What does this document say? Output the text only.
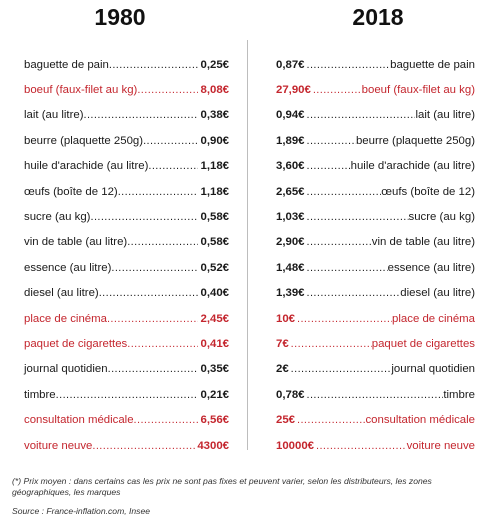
1980	2018
baguette de pain .....	0,25€
boeuf (faux-filet au kg) .....	8,08€
lait (au litre) .....	0,38€
beurre (plaquette 250g) .....	0,90€
huile d'arachide (au litre) .....	1,18€
œufs (boîte de 12) .....	1,18€
sucre (au kg) .....	0,58€
vin de table (au litre) .....	0,58€
essence (au litre) .....	0,52€
diesel (au litre) .....	0,40€
place de cinéma .....	2,45€
paquet de cigarettes .....	0,41€
journal quotidien .....	0,35€
timbre .....	0,21€
consultation médicale .....	6,56€
voiture neuve .....	4300€
0,87€ .....	baguette de pain
27,90€ .....	boeuf (faux-filet au kg)
0,94€ .....	lait (au litre)
1,89€ .....	beurre (plaquette 250g)
3,60€ .....	huile d'arachide (au litre)
2,65€ .....	œufs (boîte de 12)
1,03€ .....	sucre (au kg)
2,90€ .....	vin de table (au litre)
1,48€ .....	essence (au litre)
1,39€ .....	diesel (au litre)
10€ .....	place de cinéma
7€ .....	paquet de cigarettes
2€ .....	journal quotidien
0,78€ .....	timbre
25€ .....	consultation médicale
10000€ .....	voiture neuve
(*) Prix moyen : dans certains cas les prix ne sont pas fixes et peuvent varier, selon les distributeurs, les zones géographiques, les marques
Source : France-inflation.com, Insee
